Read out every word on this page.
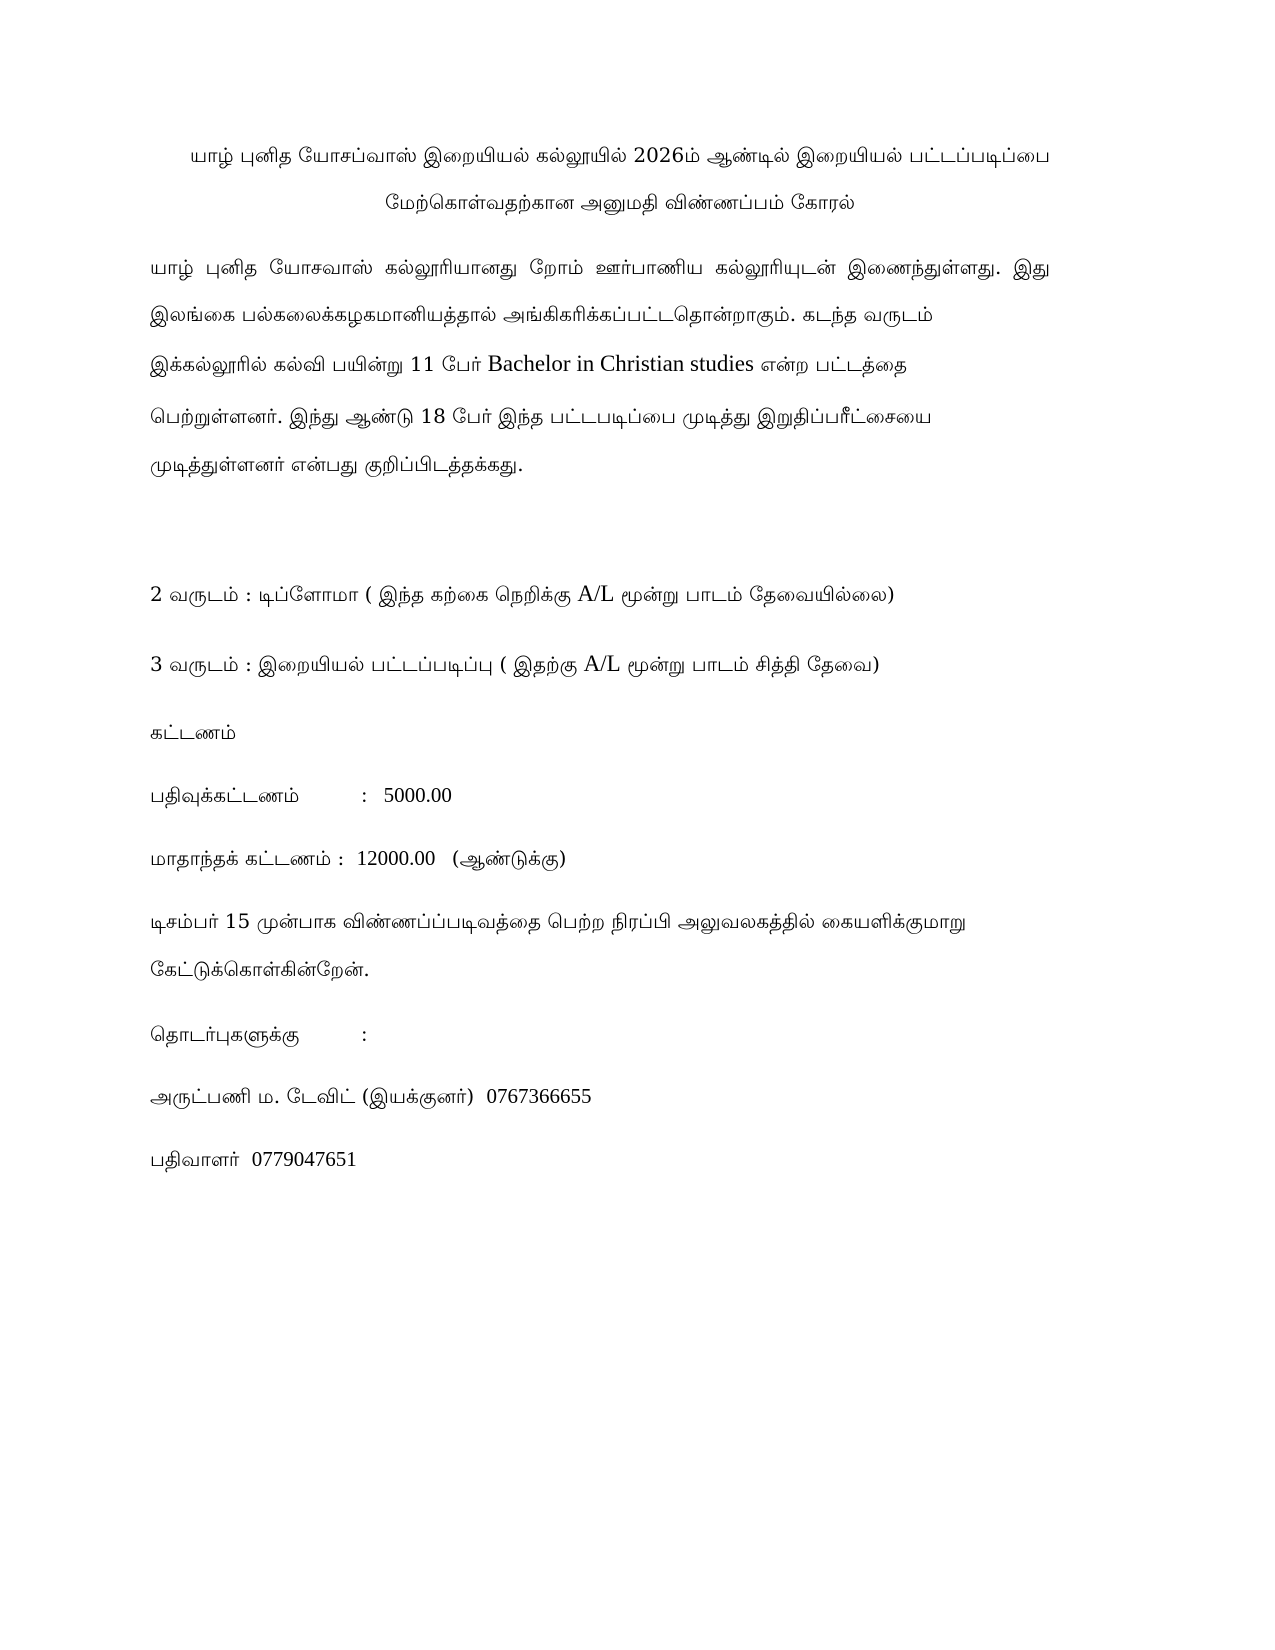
யாழ் புனித யோசப்வாஸ் இறையியல் கல்லூயில் 2026ம் ஆண்டில் இறையியல் பட்டப்படிப்பை
மேற்கொள்வதற்கான அனுமதி விண்ணப்பம் கோரல்
யாழ் புனித யோசவாஸ் கல்லூரியானது றோம் ஊர்பாணிய கல்லூரியுடன் இணைந்துள்ளது. இது
இலங்கை பல்கலைக்கழகமானியத்தால் அங்கிகரிக்கப்பட்டதொன்றாகும். கடந்த வருடம்
இக்கல்லூரில் கல்வி பயின்று 11 பேர் Bachelor in Christian studies என்ற பட்டத்தை
பெற்றுள்ளனர். இந்து ஆண்டு 18 பேர் இந்த பட்டபடிப்பை முடித்து இறுதிப்பரீட்சையை
முடித்துள்ளனர் என்பது குறிப்பிடத்தக்கது.
2 வருடம் : டிப்ளோமா ( இந்த கற்கை நெறிக்கு A/L மூன்று பாடம் தேவையில்லை)
3 வருடம் : இறையியல் பட்டப்படிப்பு ( இதற்கு A/L மூன்று பாடம் சித்தி தேவை)
கட்டணம்
பதிவுக்கட்டணம்	: 5000.00
மாதாந்தக் கட்டணம் : 12000.00 (ஆண்டுக்கு)
டிசம்பர் 15 முன்பாக விண்ணப்ப்படிவத்தை பெற்ற நிரப்பி அலுவலகத்தில் கையளிக்குமாறு
கேட்டுக்கொள்கின்றேன்.
தொடர்புகளுக்கு	:
அருட்பணி ம. டேவிட் (இயக்குனர்) 0767366655
பதிவாளர் 0779047651
